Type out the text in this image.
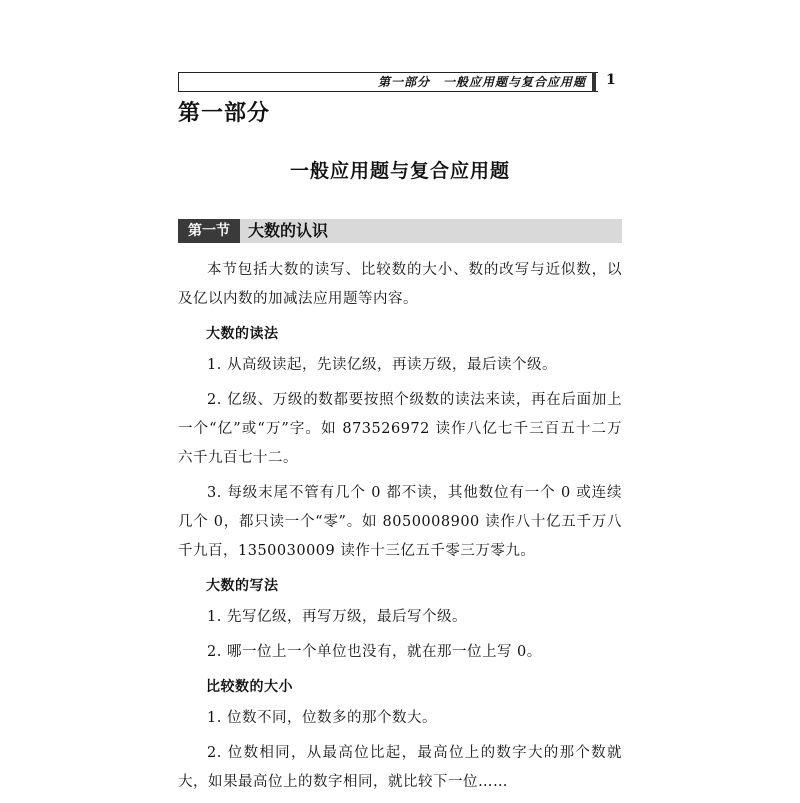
第一部分　一般应用题与复合应用题 1
第一部分
一般应用题与复合应用题
第一节	大数的认识

本节包括大数的读写、比较数的大小、数的改写与近似数，以及亿以内数的加减法应用题等内容。

大数的读法

1. 从高级读起，先读亿级，再读万级，最后读个级。

2. 亿级、万级的数都要按照个级数的读法来读，再在后面加上一个“亿”或“万”字。如 873526972 读作八亿七千三百五十二万六千九百七十二。

3. 每级末尾不管有几个 0 都不读，其他数位有一个 0 或连续几个 0，都只读一个“零”。如 8050008900 读作八十亿五千万八千九百，1350030009 读作十三亿五千零三万零九。

大数的写法

1. 先写亿级，再写万级，最后写个级。

2. 哪一位上一个单位也没有，就在那一位上写 0。

比较数的大小

1. 位数不同，位数多的那个数大。

2. 位数相同，从最高位比起，最高位上的数字大的那个数就大，如果最高位上的数字相同，就比较下一位……
